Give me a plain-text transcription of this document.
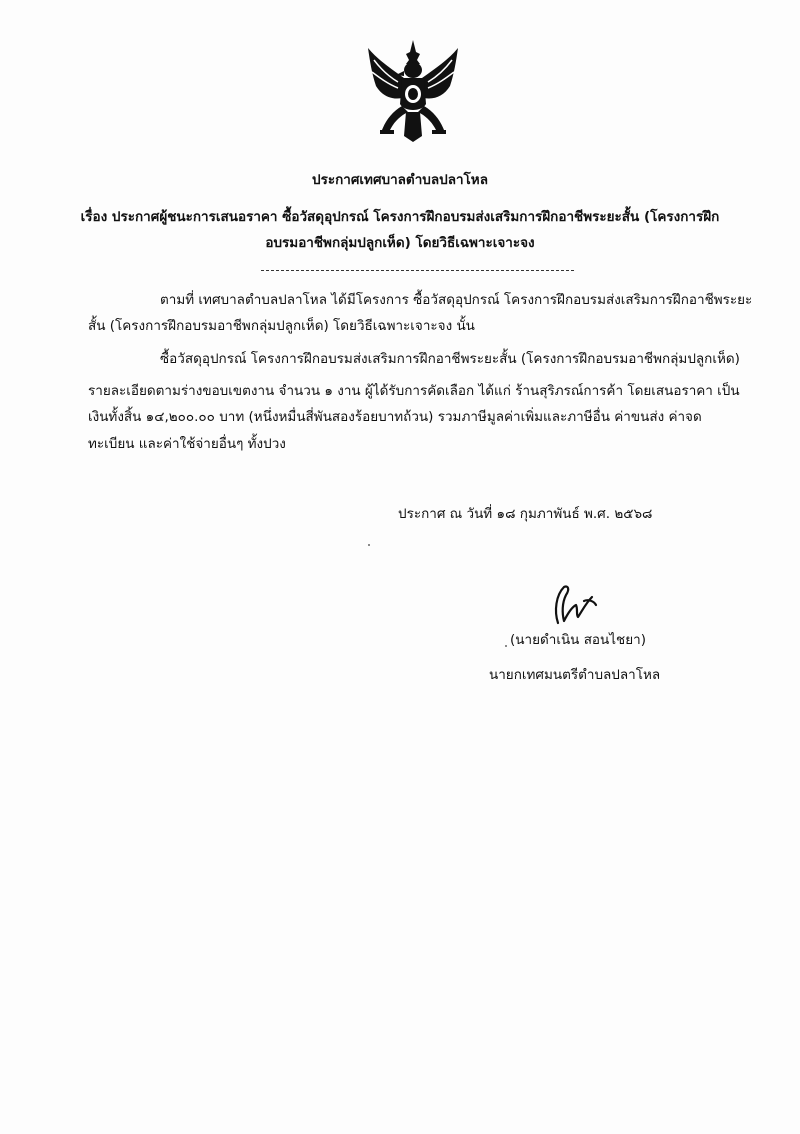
ประกาศเทศบาลตำบลปลาโหล
เรื่อง ประกาศผู้ชนะการเสนอราคา ซื้อวัสดุอุปกรณ์ โครงการฝึกอบรมส่งเสริมการฝึกอาชีพระยะสั้น (โครงการฝึก
อบรมอาชีพกลุ่มปลูกเห็ด) โดยวิธีเฉพาะเจาะจง
ตามที่ เทศบาลตำบลปลาโหล ได้มีโครงการ ซื้อวัสดุอุปกรณ์ โครงการฝึกอบรมส่งเสริมการฝึกอาชีพระยะ
สั้น (โครงการฝึกอบรมอาชีพกลุ่มปลูกเห็ด) โดยวิธีเฉพาะเจาะจง นั้น
ซื้อวัสดุอุปกรณ์ โครงการฝึกอบรมส่งเสริมการฝึกอาชีพระยะสั้น (โครงการฝึกอบรมอาชีพกลุ่มปลูกเห็ด)
รายละเอียดตามร่างขอบเขตงาน จำนวน ๑ งาน ผู้ได้รับการคัดเลือก ได้แก่ ร้านสุริภรณ์การค้า โดยเสนอราคา เป็น
เงินทั้งสิ้น ๑๔,๒๐๐.๐๐ บาท (หนึ่งหมื่นสี่พันสองร้อยบาทถ้วน) รวมภาษีมูลค่าเพิ่มและภาษีอื่น ค่าขนส่ง ค่าจด
ทะเบียน และค่าใช้จ่ายอื่นๆ ทั้งปวง
ประกาศ ณ วันที่ ๑๘ กุมภาพันธ์ พ.ศ. ๒๕๖๘
(นายดำเนิน สอนไชยา)
นายกเทศมนตรีตำบลปลาโหล
